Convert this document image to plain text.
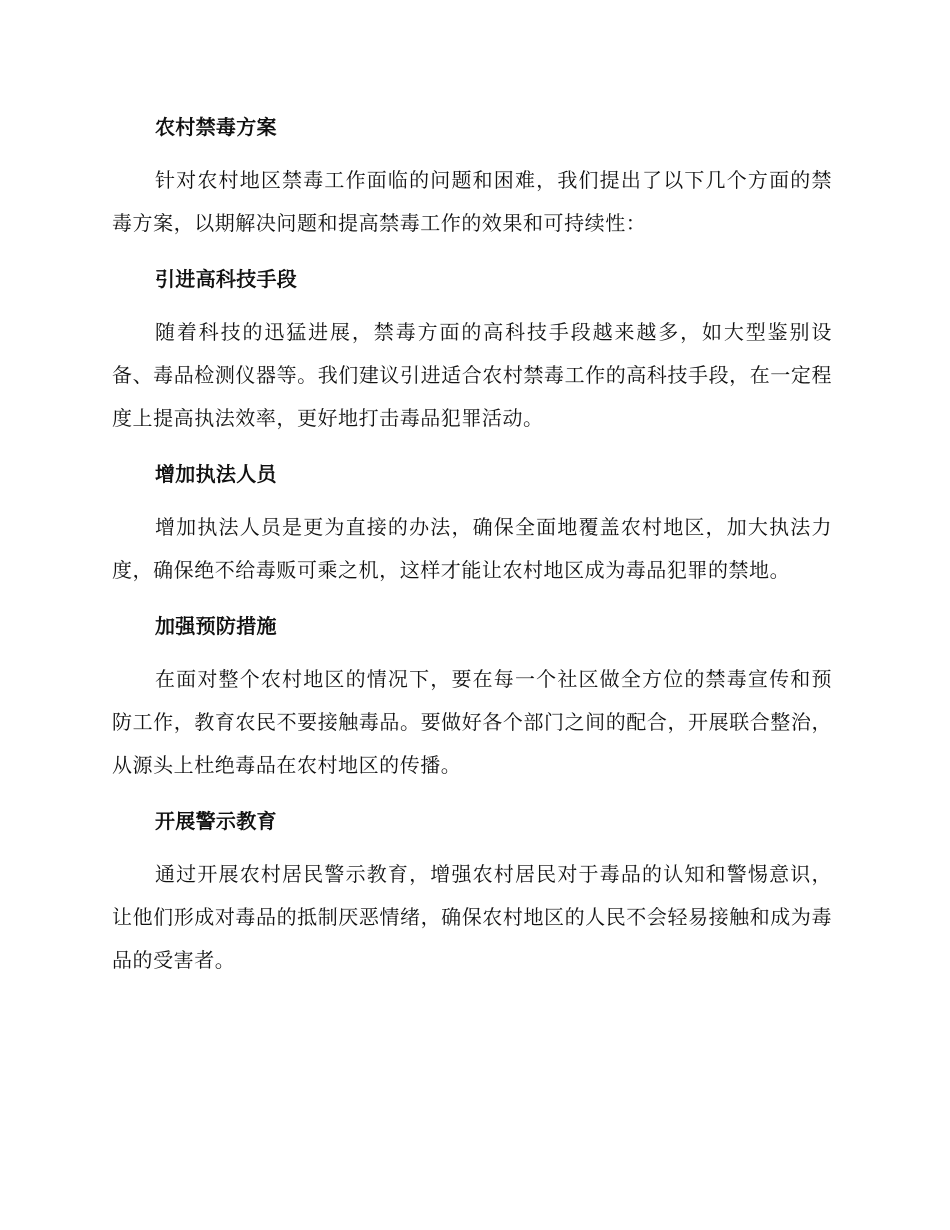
农村禁毒方案

针对农村地区禁毒工作面临的问题和困难，我们提出了以下几个方面的禁毒方案，以期解决问题和提高禁毒工作的效果和可持续性：

引进高科技手段

随着科技的迅猛进展，禁毒方面的高科技手段越来越多，如大型鉴别设备、毒品检测仪器等。我们建议引进适合农村禁毒工作的高科技手段，在一定程度上提高执法效率，更好地打击毒品犯罪活动。

增加执法人员

增加执法人员是更为直接的办法，确保全面地覆盖农村地区，加大执法力度，确保绝不给毒贩可乘之机，这样才能让农村地区成为毒品犯罪的禁地。

加强预防措施

在面对整个农村地区的情况下，要在每一个社区做全方位的禁毒宣传和预防工作，教育农民不要接触毒品。要做好各个部门之间的配合，开展联合整治，从源头上杜绝毒品在农村地区的传播。

开展警示教育

通过开展农村居民警示教育，增强农村居民对于毒品的认知和警惕意识，让他们形成对毒品的抵制厌恶情绪，确保农村地区的人民不会轻易接触和成为毒品的受害者。
